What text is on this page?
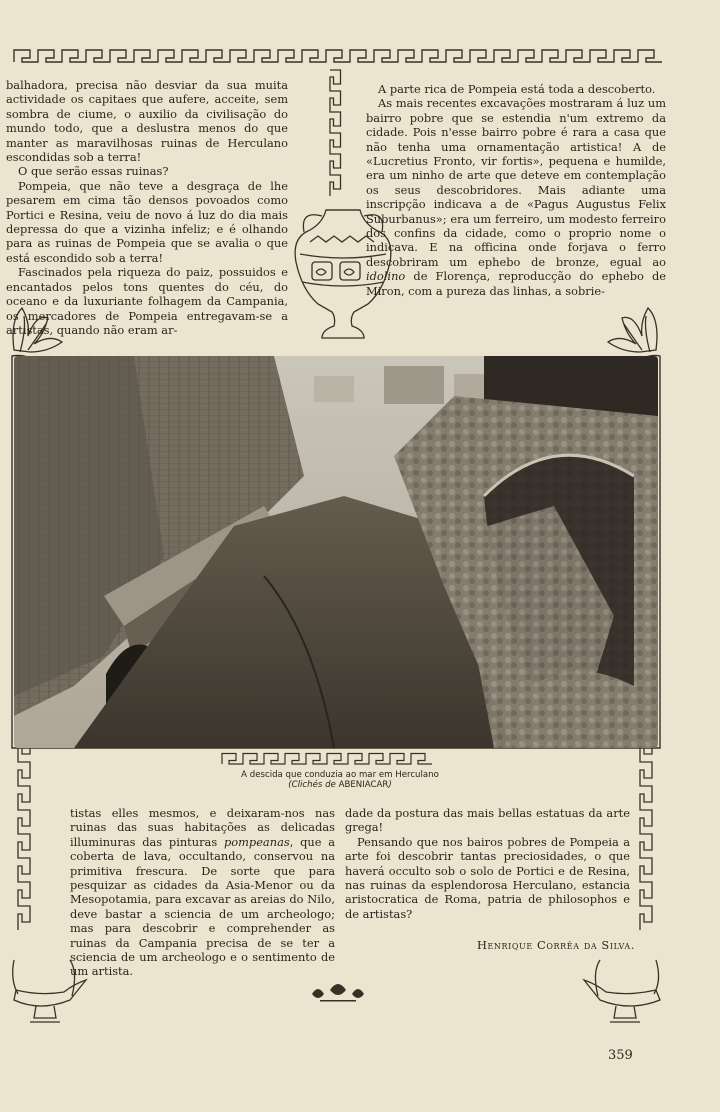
balhadora, precisa não desviar da sua muita actividade os capitaes que aufere, acceite, sem sombra de ciume, o auxilio da civilisação do mundo todo, que a deslustra menos do que manter as maravilhosas ruinas de Herculano escondidas sob a terra!

O que serão essas ruinas?

Pompeia, que não teve a desgraça de lhe pesarem em cima tão densos povoados como Portici e Resina, veiu de novo á luz do dia mais depressa do que a vizinha infeliz; e é olhando para as ruinas de Pompeia que se avalia o que está escondido sob a terra!

Fascinados pela riqueza do paiz, possuidos e encantados pelos tons quentes do céu, do oceano e da luxuriante folhagem da Campania, os mercadores de Pompeia entregavam-se a artistas, quando não eram ar-

A parte rica de Pompeia está toda a descoberto.

As mais recentes excavações mostraram á luz um bairro pobre que se estendia n'um extremo da cidade. Pois n'esse bairro pobre é rara a casa que não tenha uma ornamentação artistica! A de «Lucretius Fronto, vir fortis», pequena e humilde, era um ninho de arte que deteve em contemplação os seus descobridores. Mais adiante uma inscripção indicava a de «Pagus Augustus Felix Suburbanus»; era um ferreiro, um modesto ferreiro dos confins da cidade, como o proprio nome o indicava. E na officina onde forjava o ferro descobriram um ephebo de bronze, egual ao idolino de Florença, reproducção do ephebo de Miron, com a pureza das linhas, a sobrie-

A descida que conduzia ao mar em Herculano
(Clichés de ABENIACAR)

tistas elles mesmos, e deixaram-nos nas ruinas das suas habitações as delicadas illuminuras das pinturas pompeanas, que a coberta de lava, occultando, conservou na primitiva frescura. De sorte que para pesquizar as cidades da Asia-Menor ou da Mesopotamia, para excavar as areias do Nilo, deve bastar a sciencia de um archeologo; mas para descobrir e comprehender as ruinas da Campania precisa de se ter a sciencia de um archeologo e o sentimento de um artista.

dade da postura das mais bellas estatuas da arte grega!

Pensando que nos bairos pobres de Pompeia a arte foi descobrir tantas preciosidades, o que haverá occulto sob o solo de Portici e de Resina, nas ruinas da esplendorosa Herculano, estancia aristocratica de Roma, patria de philosophos e de artistas?

Henrique Corrêa da Silva.
359
